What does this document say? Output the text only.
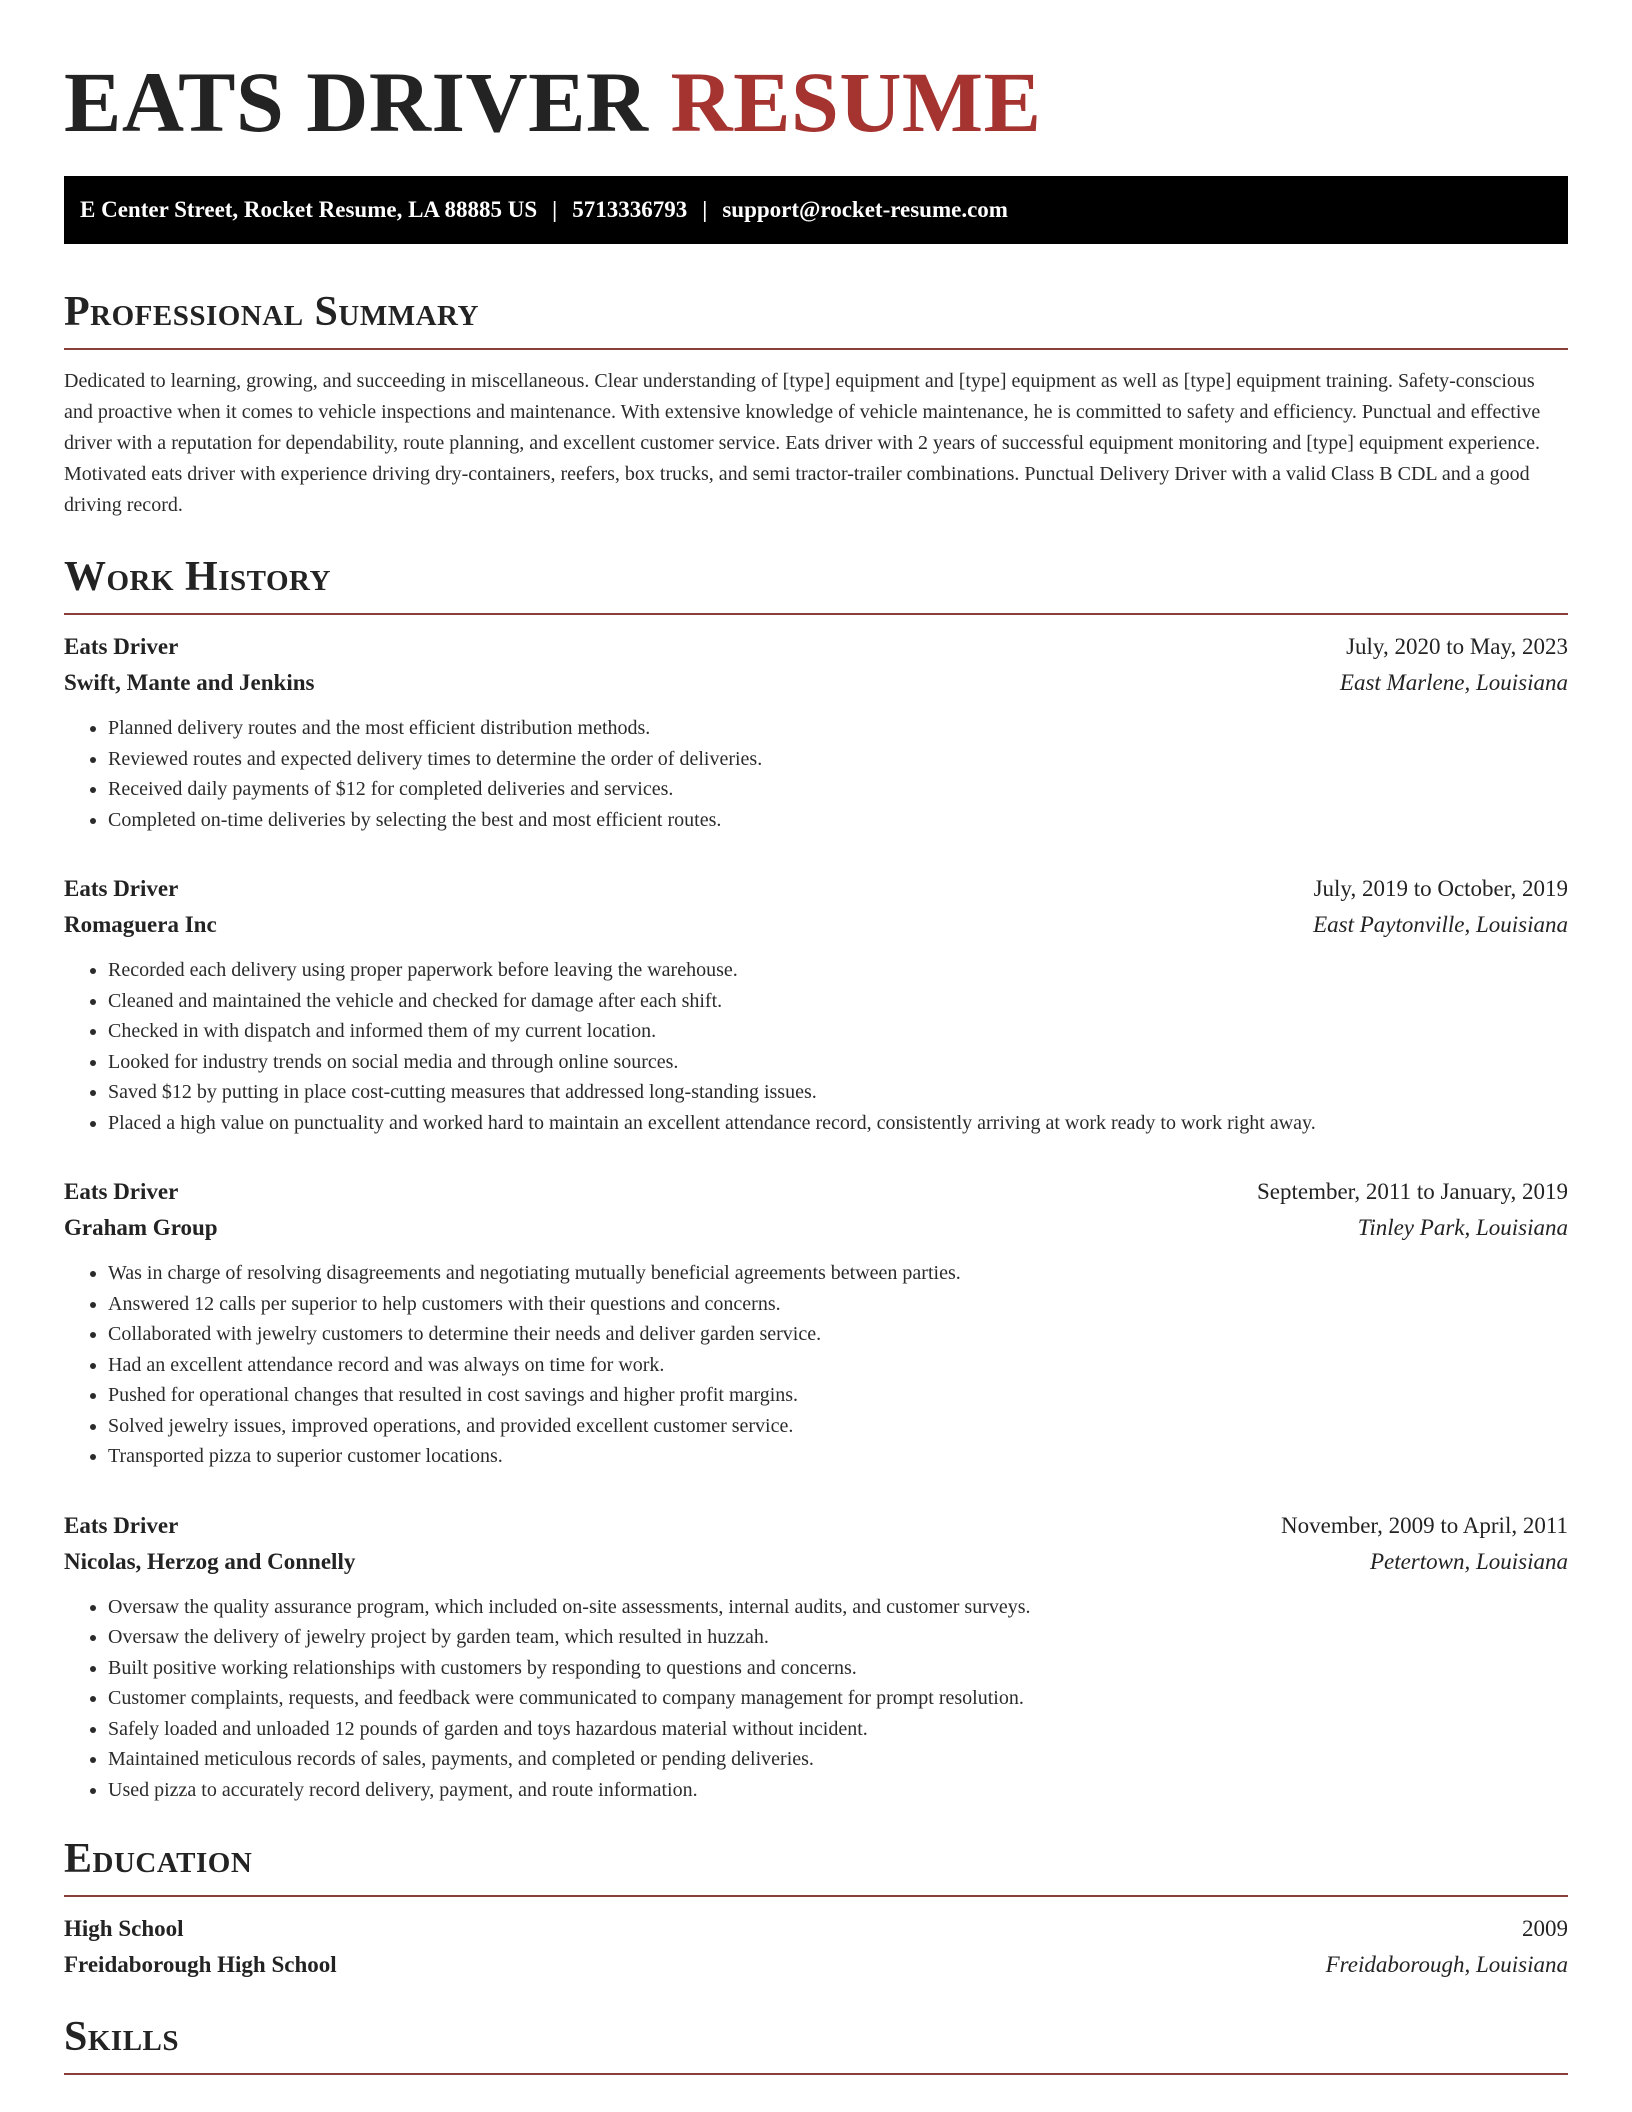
EATS DRIVER RESUME
E Center Street, Rocket Resume, LA 88885 US | 5713336793 | support@rocket-resume.com
Professional Summary

Dedicated to learning, growing, and succeeding in miscellaneous. Clear understanding of [type] equipment and [type] equipment as well as [type] equipment training. Safety-conscious and proactive when it comes to vehicle inspections and maintenance. With extensive knowledge of vehicle maintenance, he is committed to safety and efficiency. Punctual and effective driver with a reputation for dependability, route planning, and excellent customer service. Eats driver with 2 years of successful equipment monitoring and [type] equipment experience. Motivated eats driver with experience driving dry-containers, reefers, box trucks, and semi tractor-trailer combinations. Punctual Delivery Driver with a valid Class B CDL and a good driving record.

Work History
Eats Driver	July, 2020 to May, 2023
Swift, Mante and Jenkins	East Marlene, Louisiana
• Planned delivery routes and the most efficient distribution methods.
• Reviewed routes and expected delivery times to determine the order of deliveries.
• Received daily payments of $12 for completed deliveries and services.
• Completed on-time deliveries by selecting the best and most efficient routes.
Eats Driver	July, 2019 to October, 2019
Romaguera Inc	East Paytonville, Louisiana
• Recorded each delivery using proper paperwork before leaving the warehouse.
• Cleaned and maintained the vehicle and checked for damage after each shift.
• Checked in with dispatch and informed them of my current location.
• Looked for industry trends on social media and through online sources.
• Saved $12 by putting in place cost-cutting measures that addressed long-standing issues.
• Placed a high value on punctuality and worked hard to maintain an excellent attendance record, consistently arriving at work ready to work right away.
Eats Driver	September, 2011 to January, 2019
Graham Group	Tinley Park, Louisiana
• Was in charge of resolving disagreements and negotiating mutually beneficial agreements between parties.
• Answered 12 calls per superior to help customers with their questions and concerns.
• Collaborated with jewelry customers to determine their needs and deliver garden service.
• Had an excellent attendance record and was always on time for work.
• Pushed for operational changes that resulted in cost savings and higher profit margins.
• Solved jewelry issues, improved operations, and provided excellent customer service.
• Transported pizza to superior customer locations.
Eats Driver	November, 2009 to April, 2011
Nicolas, Herzog and Connelly	Petertown, Louisiana
• Oversaw the quality assurance program, which included on-site assessments, internal audits, and customer surveys.
• Oversaw the delivery of jewelry project by garden team, which resulted in huzzah.
• Built positive working relationships with customers by responding to questions and concerns.
• Customer complaints, requests, and feedback were communicated to company management for prompt resolution.
• Safely loaded and unloaded 12 pounds of garden and toys hazardous material without incident.
• Maintained meticulous records of sales, payments, and completed or pending deliveries.
• Used pizza to accurately record delivery, payment, and route information.
Education
High School	2009
Freidaborough High School	Freidaborough, Louisiana
Skills
